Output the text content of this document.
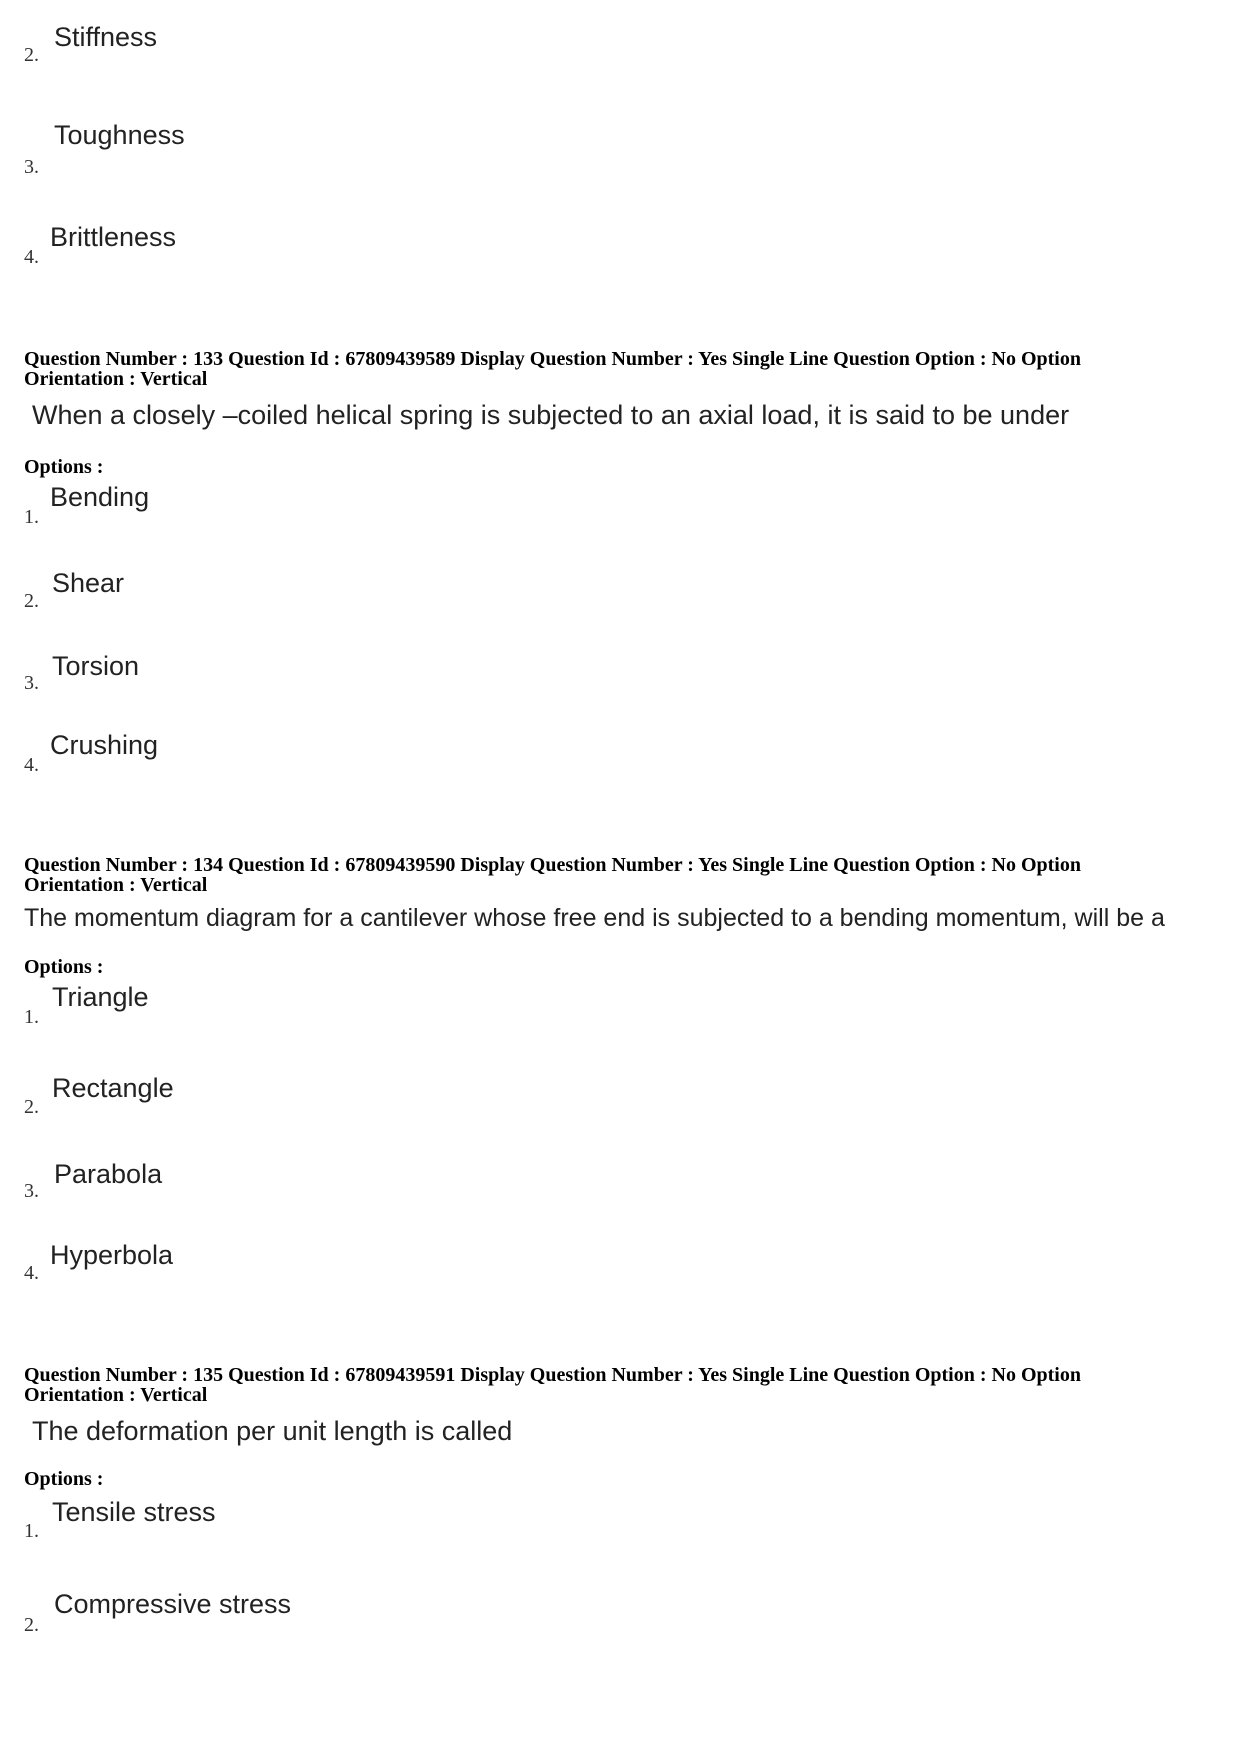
2.
Stiffness
3.
Toughness
4.
Brittleness
Question Number : 133 Question Id : 67809439589 Display Question Number : Yes Single Line Question Option : No Option
Orientation : Vertical
When a closely –coiled helical spring is subjected to an axial load, it is said to be under
Options :
1.
Bending
2.
Shear
3.
Torsion
4.
Crushing
Question Number : 134 Question Id : 67809439590 Display Question Number : Yes Single Line Question Option : No Option
Orientation : Vertical
The momentum diagram for a cantilever whose free end is subjected to a bending momentum, will be a
Options :
1.
Triangle
2.
Rectangle
3.
Parabola
4.
Hyperbola
Question Number : 135 Question Id : 67809439591 Display Question Number : Yes Single Line Question Option : No Option
Orientation : Vertical
The deformation per unit length is called
Options :
1.
Tensile stress
2.
Compressive stress
